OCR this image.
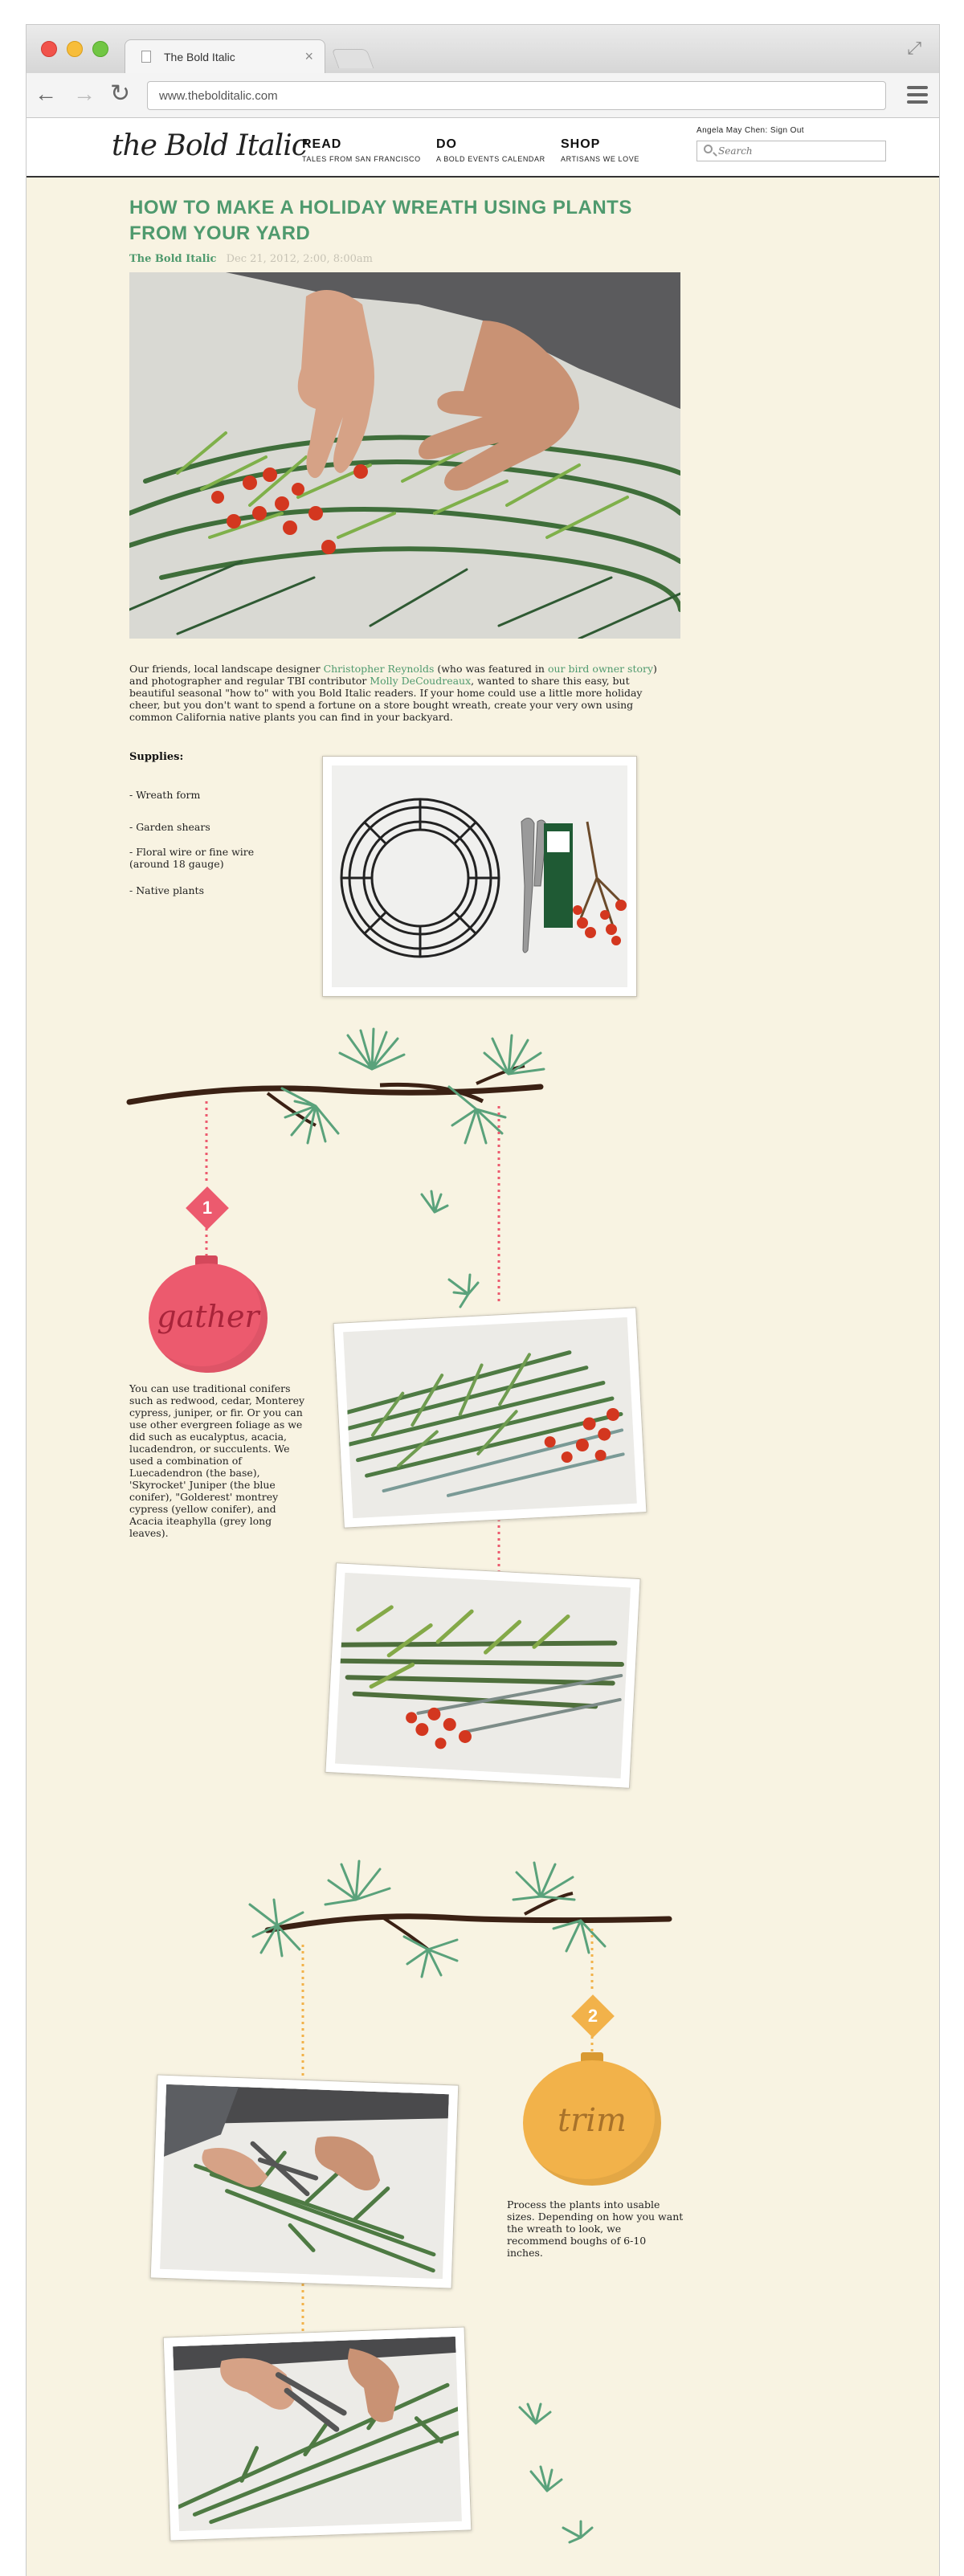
The Bold Italic	×	⤢
← → ↻ www.thebolditalic.com
the Bold Italic
READ
TALES FROM SAN FRANCISCO
DO
A BOLD EVENTS CALENDAR
SHOP
ARTISANS WE LOVE
Angela May Chen: Sign Out
Search
HOW TO MAKE A HOLIDAY WREATH USING PLANTS FROM YOUR YARD
The Bold Italic Dec 21, 2012, 2:00, 8:00am

Our friends, local landscape designer Christopher Reynolds (who was featured in our bird owner story) and photographer and regular TBI contributor Molly DeCoudreaux, wanted to share this easy, but beautiful seasonal "how to" with you Bold Italic readers. If your home could use a little more holiday cheer, but you don't want to spend a fortune on a store bought wreath, create your very own using common California native plants you can find in your backyard.

Supplies:
- Wreath form
- Garden shears
- Floral wire or fine wire (around 18 gauge)
- Native plants
1
gather

You can use traditional conifers such as redwood, cedar, Monterey cypress, juniper, or fir. Or you can use other evergreen foliage as we did such as eucalyptus, acacia, lucadendron, or succulents. We used a combination of Luecadendron (the base), 'Skyrocket' Juniper (the blue conifer), "Golderest' montrey cypress (yellow conifer), and Acacia iteaphylla (grey long leaves).

2
trim

Process the plants into usable sizes. Depending on how you want the wreath to look, we recommend boughs of 6-10 inches.
